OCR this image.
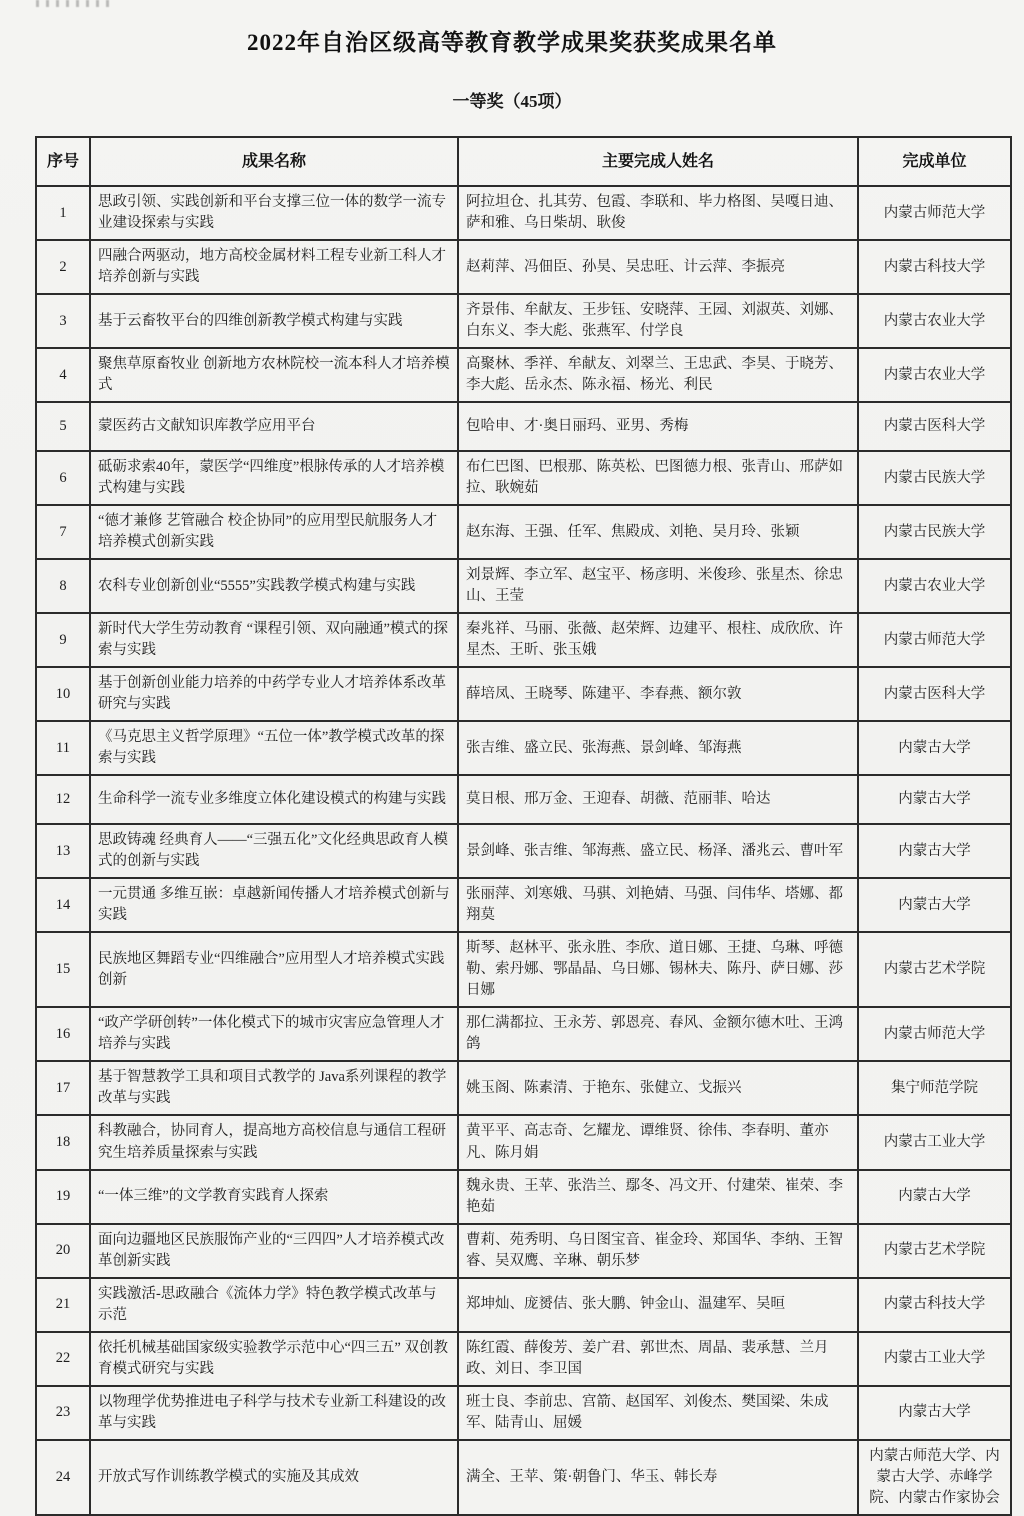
2022年自治区级高等教育教学成果奖获奖成果名单
一等奖（45项）
序号	成果名称	主要完成人姓名	完成单位
1	思政引领、实践创新和平台支撑三位一体的数学一流专业建设探索与实践	阿拉坦仓、扎其劳、包霞、李联和、毕力格图、吴嘎日迪、萨和雅、乌日柴胡、耿俊	内蒙古师范大学
2	四融合两驱动，地方高校金属材料工程专业新工科人才培养创新与实践	赵莉萍、冯佃臣、孙昊、吴忠旺、计云萍、李振亮	内蒙古科技大学
3	基于云畜牧平台的四维创新教学模式构建与实践	齐景伟、牟献友、王步钰、安晓萍、王园、刘淑英、刘娜、白东义、李大彪、张燕军、付学良	内蒙古农业大学
4	聚焦草原畜牧业 创新地方农林院校一流本科人才培养模式	高聚林、季祥、牟献友、刘翠兰、王忠武、李昊、于晓芳、李大彪、岳永杰、陈永福、杨光、利民	内蒙古农业大学
5	蒙医药古文献知识库教学应用平台	包哈申、才·奥日丽玛、亚男、秀梅	内蒙古医科大学
6	砥砺求索40年，蒙医学“四维度”根脉传承的人才培养模式构建与实践	布仁巴图、巴根那、陈英松、巴图德力根、张青山、邢萨如拉、耿婉茹	内蒙古民族大学
7	“德才兼修 艺管融合 校企协同”的应用型民航服务人才培养模式创新实践	赵东海、王强、任军、焦殿成、刘艳、吴月玲、张颖	内蒙古民族大学
8	农科专业创新创业“5555”实践教学模式构建与实践	刘景辉、李立军、赵宝平、杨彦明、米俊珍、张星杰、徐忠山、王莹	内蒙古农业大学
9	新时代大学生劳动教育 “课程引领、双向融通”模式的探索与实践	秦兆祥、马丽、张薇、赵荣辉、边建平、根柱、成欣欣、许星杰、王昕、张玉娥	内蒙古师范大学
10	基于创新创业能力培养的中药学专业人才培养体系改革研究与实践	薛培凤、王晓琴、陈建平、李春燕、额尔敦	内蒙古医科大学
11	《马克思主义哲学原理》“五位一体”教学模式改革的探索与实践	张吉维、盛立民、张海燕、景剑峰、邹海燕	内蒙古大学
12	生命科学一流专业多维度立体化建设模式的构建与实践	莫日根、邢万金、王迎春、胡薇、范丽菲、哈达	内蒙古大学
13	思政铸魂 经典育人——“三强五化”文化经典思政育人模式的创新与实践	景剑峰、张吉维、邹海燕、盛立民、杨泽、潘兆云、曹叶军	内蒙古大学
14	一元贯通 多维互嵌：卓越新闻传播人才培养模式创新与实践	张丽萍、刘寒娥、马骐、刘艳婧、马强、闫伟华、塔娜、都翔莫	内蒙古大学
15	民族地区舞蹈专业“四维融合”应用型人才培养模式实践创新	斯琴、赵林平、张永胜、李欣、道日娜、王捷、乌琳、呼德勒、索丹娜、鄂晶晶、乌日娜、锡林夫、陈丹、萨日娜、莎日娜	内蒙古艺术学院
16	“政产学研创转”一体化模式下的城市灾害应急管理人才培养与实践	那仁满都拉、王永芳、郭恩亮、春风、金额尔德木吐、王鸿鸽	内蒙古师范大学
17	基于智慧教学工具和项目式教学的 Java系列课程的教学改革与实践	姚玉阁、陈素清、于艳东、张健立、戈振兴	集宁师范学院
18	科教融合，协同育人，提高地方高校信息与通信工程研究生培养质量探索与实践	黄平平、高志奇、乞耀龙、谭维贤、徐伟、李春明、董亦凡、陈月娟	内蒙古工业大学
19	“一体三维”的文学教育实践育人探索	魏永贵、王苹、张浩兰、鄢冬、冯文开、付建荣、崔荣、李艳茹	内蒙古大学
20	面向边疆地区民族服饰产业的“三四四”人才培养模式改革创新实践	曹莉、苑秀明、乌日图宝音、崔金玲、郑国华、李纳、王智睿、吴双鹰、辛琳、朝乐梦	内蒙古艺术学院
21	实践激活-思政融合《流体力学》特色教学模式改革与示范	郑坤灿、庞赟佶、张大鹏、钟金山、温建军、吴晅	内蒙古科技大学
22	依托机械基础国家级实验教学示范中心“四三五” 双创教育模式研究与实践	陈红霞、薛俊芳、姜广君、郭世杰、周晶、裴承慧、兰月政、刘日、李卫国	内蒙古工业大学
23	以物理学优势推进电子科学与技术专业新工科建设的改革与实践	班士良、李前忠、宫箭、赵国军、刘俊杰、樊国梁、朱成军、陆青山、屈媛	内蒙古大学
24	开放式写作训练教学模式的实施及其成效	满全、王苹、策·朝鲁门、华玉、韩长寿	内蒙古师范大学、内蒙古大学、赤峰学院、内蒙古作家协会
